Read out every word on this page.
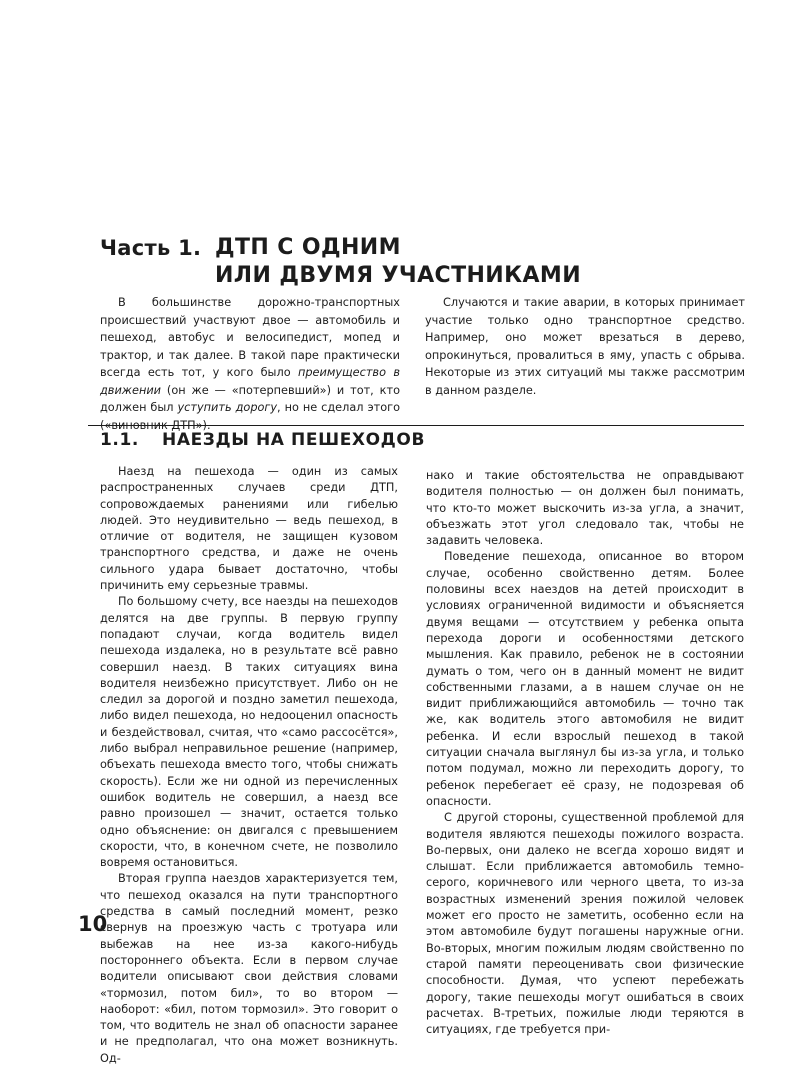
Часть 1. ДТП С ОДНИМ
ИЛИ ДВУМЯ УЧАСТНИКАМИ

В большинстве дорожно-транспортных происшествий участвуют двое — автомобиль и пешеход, автобус и велосипедист, мопед и трактор, и так далее. В такой паре практически всегда есть тот, у кого было преимущество в движении (он же — «потерпевший») и тот, кто должен был уступить дорогу, но не сделал этого («виновник ДТП»).

Случаются и такие аварии, в которых принимает участие только одно транспортное средство. Например, оно может врезаться в дерево, опрокинуться, провалиться в яму, упасть с обрыва. Некоторые из этих ситуаций мы также рассмотрим в данном разделе.

1.1. НАЕЗДЫ НА ПЕШЕХОДОВ

Наезд на пешехода — один из самых распространенных случаев среди ДТП, сопровождаемых ранениями или гибелью людей. Это неудивительно — ведь пешеход, в отличие от водителя, не защищен кузовом транспортного средства, и даже не очень сильного удара бывает достаточно, чтобы причинить ему серьезные травмы.

По большому счету, все наезды на пешеходов делятся на две группы. В первую группу попадают случаи, когда водитель видел пешехода издалека, но в результате всё равно совершил наезд. В таких ситуациях вина водителя неизбежно присутствует. Либо он не следил за дорогой и поздно заметил пешехода, либо видел пешехода, но недооценил опасность и бездействовал, считая, что «само рассосётся», либо выбрал неправильное решение (например, объехать пешехода вместо того, чтобы снижать скорость). Если же ни одной из перечисленных ошибок водитель не совершил, а наезд все равно произошел — значит, остается только одно объяснение: он двигался с превышением скорости, что, в конечном счете, не позволило вовремя остановиться.

Вторая группа наездов характеризуется тем, что пешеход оказался на пути транспортного средства в самый последний момент, резко свернув на проезжую часть с тротуара или выбежав на нее из-за какого-нибудь постороннего объекта. Если в первом случае водители описывают свои действия словами «тормозил, потом бил», то во втором — наоборот: «бил, потом тормозил». Это говорит о том, что водитель не знал об опасности заранее и не предполагал, что она может возникнуть. Од-

нако и такие обстоятельства не оправдывают водителя полностью — он должен был понимать, что кто-то может выскочить из-за угла, а значит, объезжать этот угол следовало так, чтобы не задавить человека.

Поведение пешехода, описанное во втором случае, особенно свойственно детям. Более половины всех наездов на детей происходит в условиях ограниченной видимости и объясняется двумя вещами — отсутствием у ребенка опыта перехода дороги и особенностями детского мышления. Как правило, ребенок не в состоянии думать о том, чего он в данный момент не видит собственными глазами, а в нашем случае он не видит приближающийся автомобиль — точно так же, как водитель этого автомобиля не видит ребенка. И если взрослый пешеход в такой ситуации сначала выглянул бы из-за угла, и только потом подумал, можно ли переходить дорогу, то ребенок перебегает её сразу, не подозревая об опасности.

С другой стороны, существенной проблемой для водителя являются пешеходы пожилого возраста. Во-первых, они далеко не всегда хорошо видят и слышат. Если приближается автомобиль темно-серого, коричневого или черного цвета, то из-за возрастных изменений зрения пожилой человек может его просто не заметить, особенно если на этом автомобиле будут погашены наружные огни. Во-вторых, многим пожилым людям свойственно по старой памяти переоценивать свои физические способности. Думая, что успеют перебежать дорогу, такие пешеходы могут ошибаться в своих расчетах. В-третьих, пожилые люди теряются в ситуациях, где требуется при-

10
